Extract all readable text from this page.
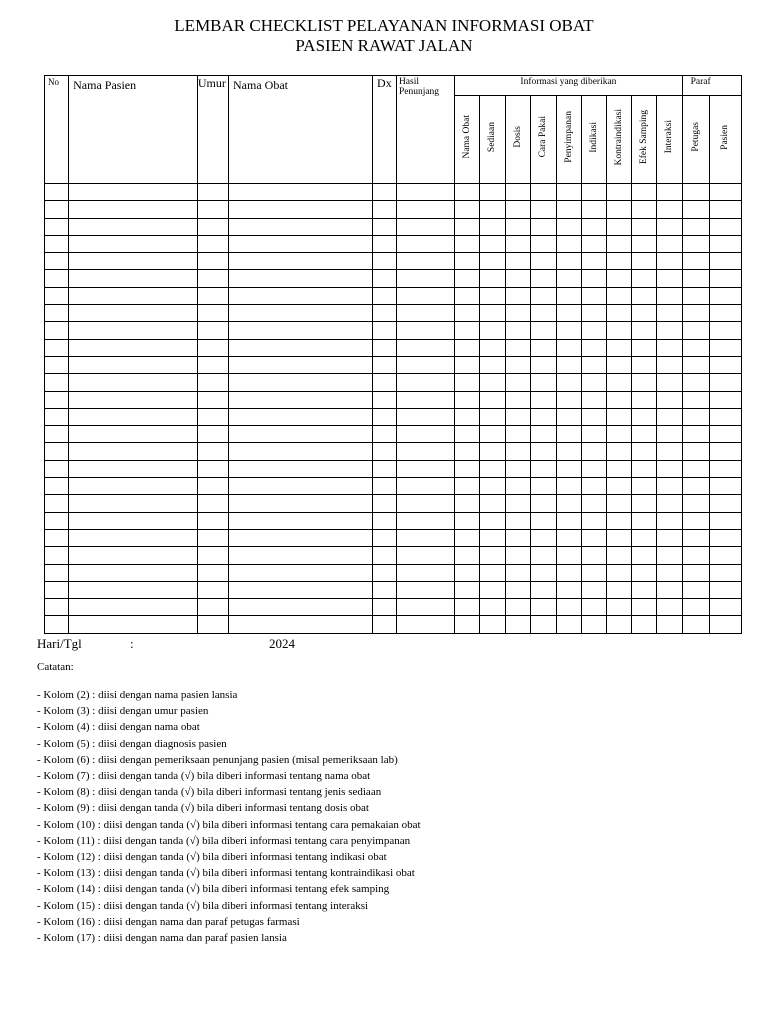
LEMBAR CHECKLIST PELAYANAN INFORMASI OBAT
PASIEN RAWAT JALAN
No	Nama Pasien	Umur	Nama Obat	Dx	Hasil Penunjang	Informasi yang diberikan									Paraf	
						Nama Obat	Sediaan	Dosis	Cara Pakai	Penyimpanan	Indikasi	Kontraindikasi	Efek Samping	Interaksi	Petugas	Pasien

Hari/Tgl	:	2024
Catatan:
- Kolom (2) : diisi dengan nama pasien lansia
- Kolom (3) : diisi dengan umur pasien
- Kolom (4) : diisi dengan nama obat
- Kolom (5) : diisi dengan diagnosis pasien
- Kolom (6) : diisi dengan pemeriksaan penunjang pasien (misal pemeriksaan lab)
- Kolom (7) : diisi dengan tanda (√) bila diberi informasi tentang nama obat
- Kolom (8) : diisi dengan tanda (√) bila diberi informasi tentang jenis sediaan
- Kolom (9) : diisi dengan tanda (√) bila diberi informasi tentang dosis obat
- Kolom (10) : diisi dengan tanda (√) bila diberi informasi tentang cara pemakaian obat
- Kolom (11) : diisi dengan tanda (√) bila diberi informasi tentang cara penyimpanan
- Kolom (12) : diisi dengan tanda (√) bila diberi informasi tentang indikasi obat
- Kolom (13) : diisi dengan tanda (√) bila diberi informasi tentang kontraindikasi obat
- Kolom (14) : diisi dengan tanda (√) bila diberi informasi tentang efek samping
- Kolom (15) : diisi dengan tanda (√) bila diberi informasi tentang interaksi
- Kolom (16) : diisi dengan nama dan paraf petugas farmasi
- Kolom (17) : diisi dengan nama dan paraf pasien lansia
